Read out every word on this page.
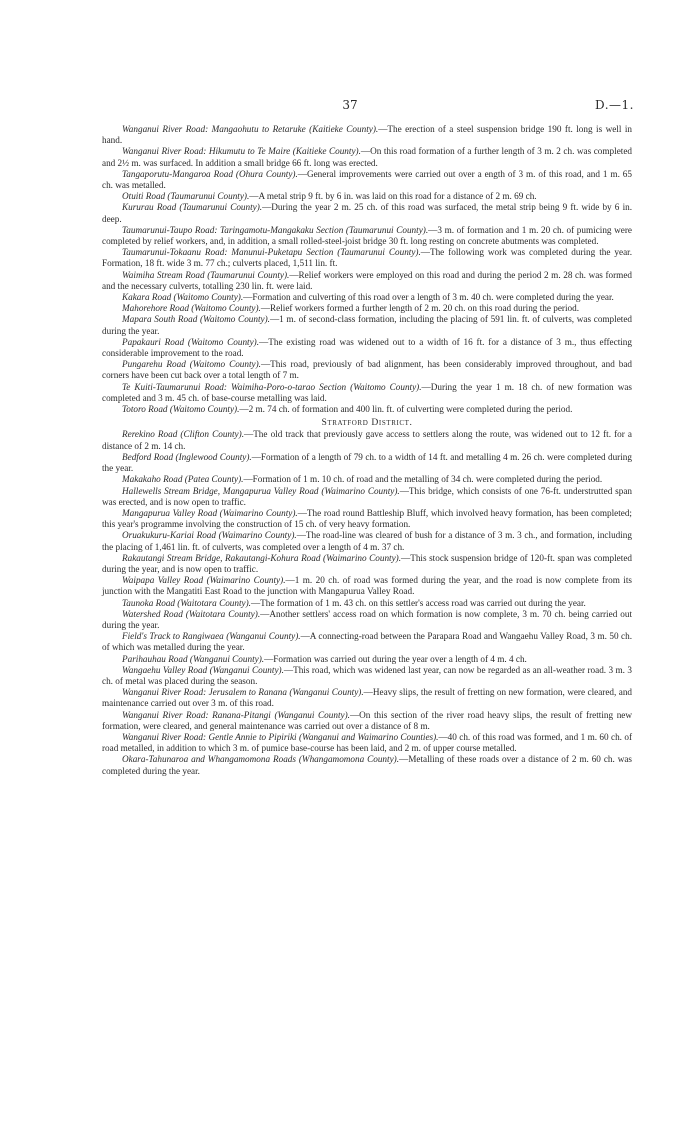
37	D.—1.

Wanganui River Road: Mangaohutu to Retaruke (Kaitieke County).—The erection of a steel suspension bridge 190 ft. long is well in hand.

Wanganui River Road: Hikumutu to Te Maire (Kaitieke County).—On this road formation of a further length of 3 m. 2 ch. was completed and 2½ m. was surfaced. In addition a small bridge 66 ft. long was erected.

Tangaporutu-Mangaroa Road (Ohura County).—General improvements were carried out over a ength of 3 m. of this road, and 1 m. 65 ch. was metalled.

Otuiti Road (Taumarunui County).—A metal strip 9 ft. by 6 in. was laid on this road for a distance of 2 m. 69 ch.

Kururau Road (Taumarunui County).—During the year 2 m. 25 ch. of this road was surfaced, the metal strip being 9 ft. wide by 6 in. deep.

Taumarunui-Taupo Road: Taringamotu-Mangakaku Section (Taumarunui County).—3 m. of formation and 1 m. 20 ch. of pumicing were completed by relief workers, and, in addition, a small rolled-steel-joist bridge 30 ft. long resting on concrete abutments was completed.

Taumarunui-Tokaanu Road: Manunui-Puketapu Section (Taumarunui County).—The following work was completed during the year. Formation, 18 ft. wide 3 m. 77 ch.; culverts placed, 1,511 lin. ft.

Waimiha Stream Road (Taumarunui County).—Relief workers were employed on this road and during the period 2 m. 28 ch. was formed and the necessary culverts, totalling 230 lin. ft. were laid.

Kakara Road (Waitomo County).—Formation and culverting of this road over a length of 3 m. 40 ch. were completed during the year.

Mahorehore Road (Waitomo County).—Relief workers formed a further length of 2 m. 20 ch. on this road during the period.

Mapara South Road (Waitomo County).—1 m. of second-class formation, including the placing of 591 lin. ft. of culverts, was completed during the year.

Papakauri Road (Waitomo County).—The existing road was widened out to a width of 16 ft. for a distance of 3 m., thus effecting considerable improvement to the road.

Pungarehu Road (Waitomo County).—This road, previously of bad alignment, has been considerably improved throughout, and bad corners have been cut back over a total length of 7 m.

Te Kuiti-Taumarunui Road: Waimiha-Poro-o-tarao Section (Waitomo County).—During the year 1 m. 18 ch. of new formation was completed and 3 m. 45 ch. of base-course metalling was laid.

Totoro Road (Waitomo County).—2 m. 74 ch. of formation and 400 lin. ft. of culverting were completed during the period.

Stratford District.

Rerekino Road (Clifton County).—The old track that previously gave access to settlers along the route, was widened out to 12 ft. for a distance of 2 m. 14 ch.

Bedford Road (Inglewood County).—Formation of a length of 79 ch. to a width of 14 ft. and metalling 4 m. 26 ch. were completed during the year.

Makakaho Road (Patea County).—Formation of 1 m. 10 ch. of road and the metalling of 34 ch. were completed during the period.

Hallewells Stream Bridge, Mangapurua Valley Road (Waimarino County).—This bridge, which consists of one 76-ft. understrutted span was erected, and is now open to traffic.

Mangapurua Valley Road (Waimarino County).—The road round Battleship Bluff, which involved heavy formation, has been completed; this year's programme involving the construction of 15 ch. of very heavy formation.

Oruakukuru-Kariai Road (Waimarino County).—The road-line was cleared of bush for a distance of 3 m. 3 ch., and formation, including the placing of 1,461 lin. ft. of culverts, was completed over a length of 4 m. 37 ch.

Rakautangi Stream Bridge, Rakautangi-Kohura Road (Waimarino County).—This stock suspension bridge of 120-ft. span was completed during the year, and is now open to traffic.

Waipapa Valley Road (Waimarino County).—1 m. 20 ch. of road was formed during the year, and the road is now complete from its junction with the Mangatiti East Road to the junction with Mangapurua Valley Road.

Taunoka Road (Waitotara County).—The formation of 1 m. 43 ch. on this settler's access road was carried out during the year.

Watershed Road (Waitotara County).—Another settlers' access road on which formation is now complete, 3 m. 70 ch. being carried out during the year.

Field's Track to Rangiwaea (Wanganui County).—A connecting-road between the Parapara Road and Wangaehu Valley Road, 3 m. 50 ch. of which was metalled during the year.

Parihauhau Road (Wanganui County).—Formation was carried out during the year over a length of 4 m. 4 ch.

Wangaehu Valley Road (Wanganui County).—This road, which was widened last year, can now be regarded as an all-weather road. 3 m. 3 ch. of metal was placed during the season.

Wanganui River Road: Jerusalem to Ranana (Wanganui County).—Heavy slips, the result of fretting on new formation, were cleared, and maintenance carried out over 3 m. of this road.

Wanganui River Road: Ranana-Pitangi (Wanganui County).—On this section of the river road heavy slips, the result of fretting new formation, were cleared, and general maintenance was carried out over a distance of 8 m.

Wanganui River Road: Gentle Annie to Pipiriki (Wanganui and Waimarino Counties).—40 ch. of this road was formed, and 1 m. 60 ch. of road metalled, in addition to which 3 m. of pumice base-course has been laid, and 2 m. of upper course metalled.

Okara-Tahunaroa and Whangamomona Roads (Whangamomona County).—Metalling of these roads over a distance of 2 m. 60 ch. was completed during the year.
